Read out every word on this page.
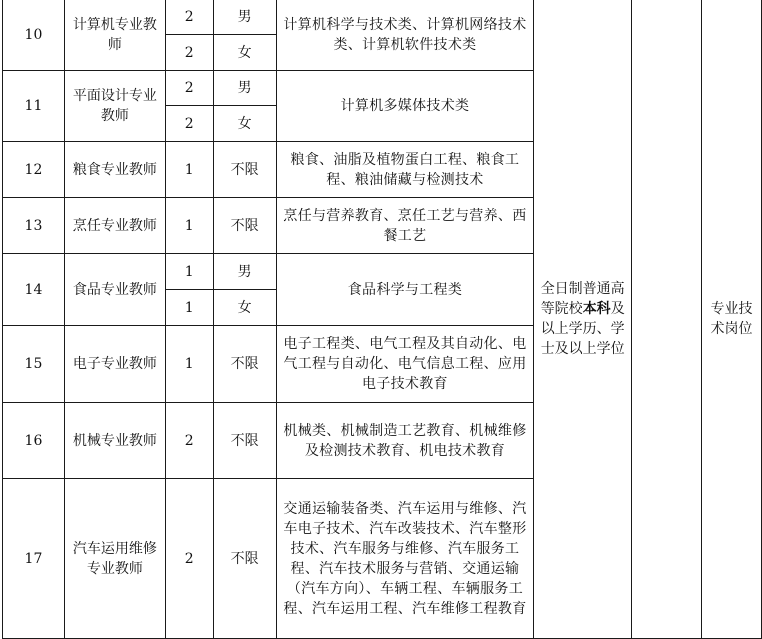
10	计算机专业教师	2	男	计算机科学与技术类、计算机网络技术类、计算机软件技术类	全日制普通高等院校本科及以上学历、学士及以上学位		专业技术岗位
		2	女				
11	平面设计专业教师	2	男	计算机多媒体技术类			
		2	女				
12	粮食专业教师	1	不限	粮食、油脂及植物蛋白工程、粮食工程、粮油储藏与检测技术			
13	烹任专业教师	1	不限	烹任与营养教育、烹任工艺与营养、西餐工艺			
14	食品专业教师	1	男	食品科学与工程类			
		1	女				
15	电子专业教师	1	不限	电子工程类、电气工程及其自动化、电气工程与自动化、电气信息工程、应用电子技术教育			
16	机械专业教师	2	不限	机械类、机械制造工艺教育、机械维修及检测技术教育、机电技术教育			
17	汽车运用维修专业教师	2	不限	交通运输装备类、汽车运用与维修、汽车电子技术、汽车改装技术、汽车整形技术、汽车服务与维修、汽车服务工程、汽车技术服务与营销、交通运输（汽车方向）、车辆工程、车辆服务工程、汽车运用工程、汽车维修工程教育			
